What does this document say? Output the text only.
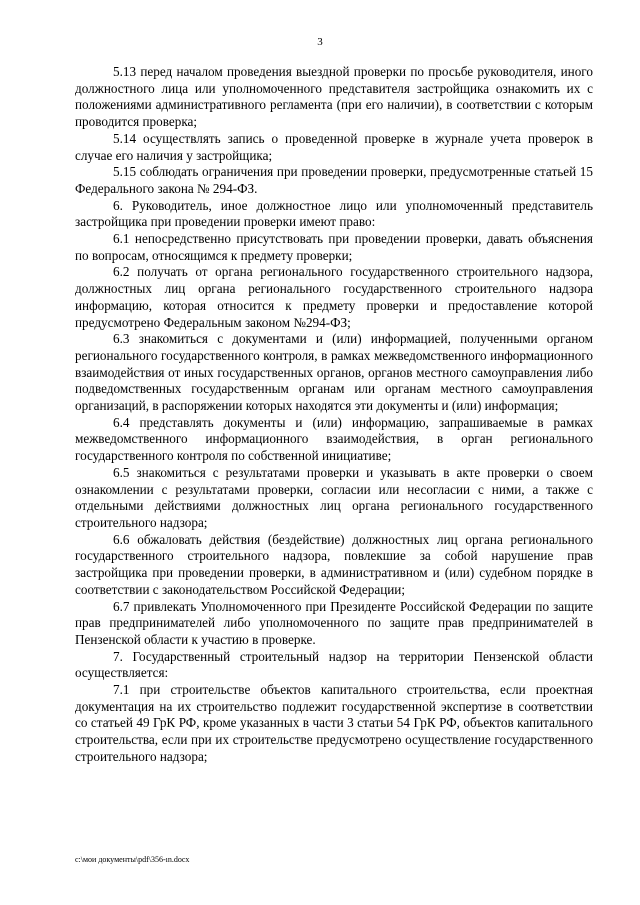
3

5.13 перед началом проведения выездной проверки по просьбе руководителя, иного должностного лица или уполномоченного представителя застройщика ознакомить их с положениями административного регламента (при его наличии), в соответствии с которым проводится проверка;

5.14 осуществлять запись о проведенной проверке в журнале учета проверок в случае его наличия у застройщика;

5.15 соблюдать ограничения при проведении проверки, предусмотренные статьей 15 Федерального закона № 294-ФЗ.

6. Руководитель, иное должностное лицо или уполномоченный представитель застройщика при проведении проверки имеют право:

6.1 непосредственно присутствовать при проведении проверки, давать объяснения по вопросам, относящимся к предмету проверки;

6.2 получать от органа регионального государственного строительного надзора, должностных лиц органа регионального государственного строительного надзора информацию, которая относится к предмету проверки и предоставление которой предусмотрено Федеральным законом №294-ФЗ;

6.3 знакомиться с документами и (или) информацией, полученными органом регионального государственного контроля, в рамках межведомственного информационного взаимодействия от иных государственных органов, органов местного самоуправления либо подведомственных государственным органам или органам местного самоуправления организаций, в распоряжении которых находятся эти документы и (или) информация;

6.4 представлять документы и (или) информацию, запрашиваемые в рамках межведомственного информационного взаимодействия, в орган регионального государственного контроля по собственной инициативе;

6.5 знакомиться с результатами проверки и указывать в акте проверки о своем ознакомлении с результатами проверки, согласии или несогласии с ними, а также с отдельными действиями должностных лиц органа регионального государственного строительного надзора;

6.6 обжаловать действия (бездействие) должностных лиц органа регионального государственного строительного надзора, повлекшие за собой нарушение прав застройщика при проведении проверки, в административном и (или) судебном порядке в соответствии с законодательством Российской Федерации;

6.7 привлекать Уполномоченного при Президенте Российской Федерации по защите прав предпринимателей либо уполномоченного по защите прав предпринимателей в Пензенской области к участию в проверке.

7. Государственный строительный надзор на территории Пензенской области осуществляется:

7.1 при строительстве объектов капитального строительства, если проектная документация на их строительство подлежит государственной экспертизе в соответствии со статьей 49 ГрК РФ, кроме указанных в части 3 статьи 54 ГрК РФ, объектов капитального строительства, если при их строительстве предусмотрено осуществление государственного строительного надзора;

c:\мои документы\pdf\356-ın.docx
